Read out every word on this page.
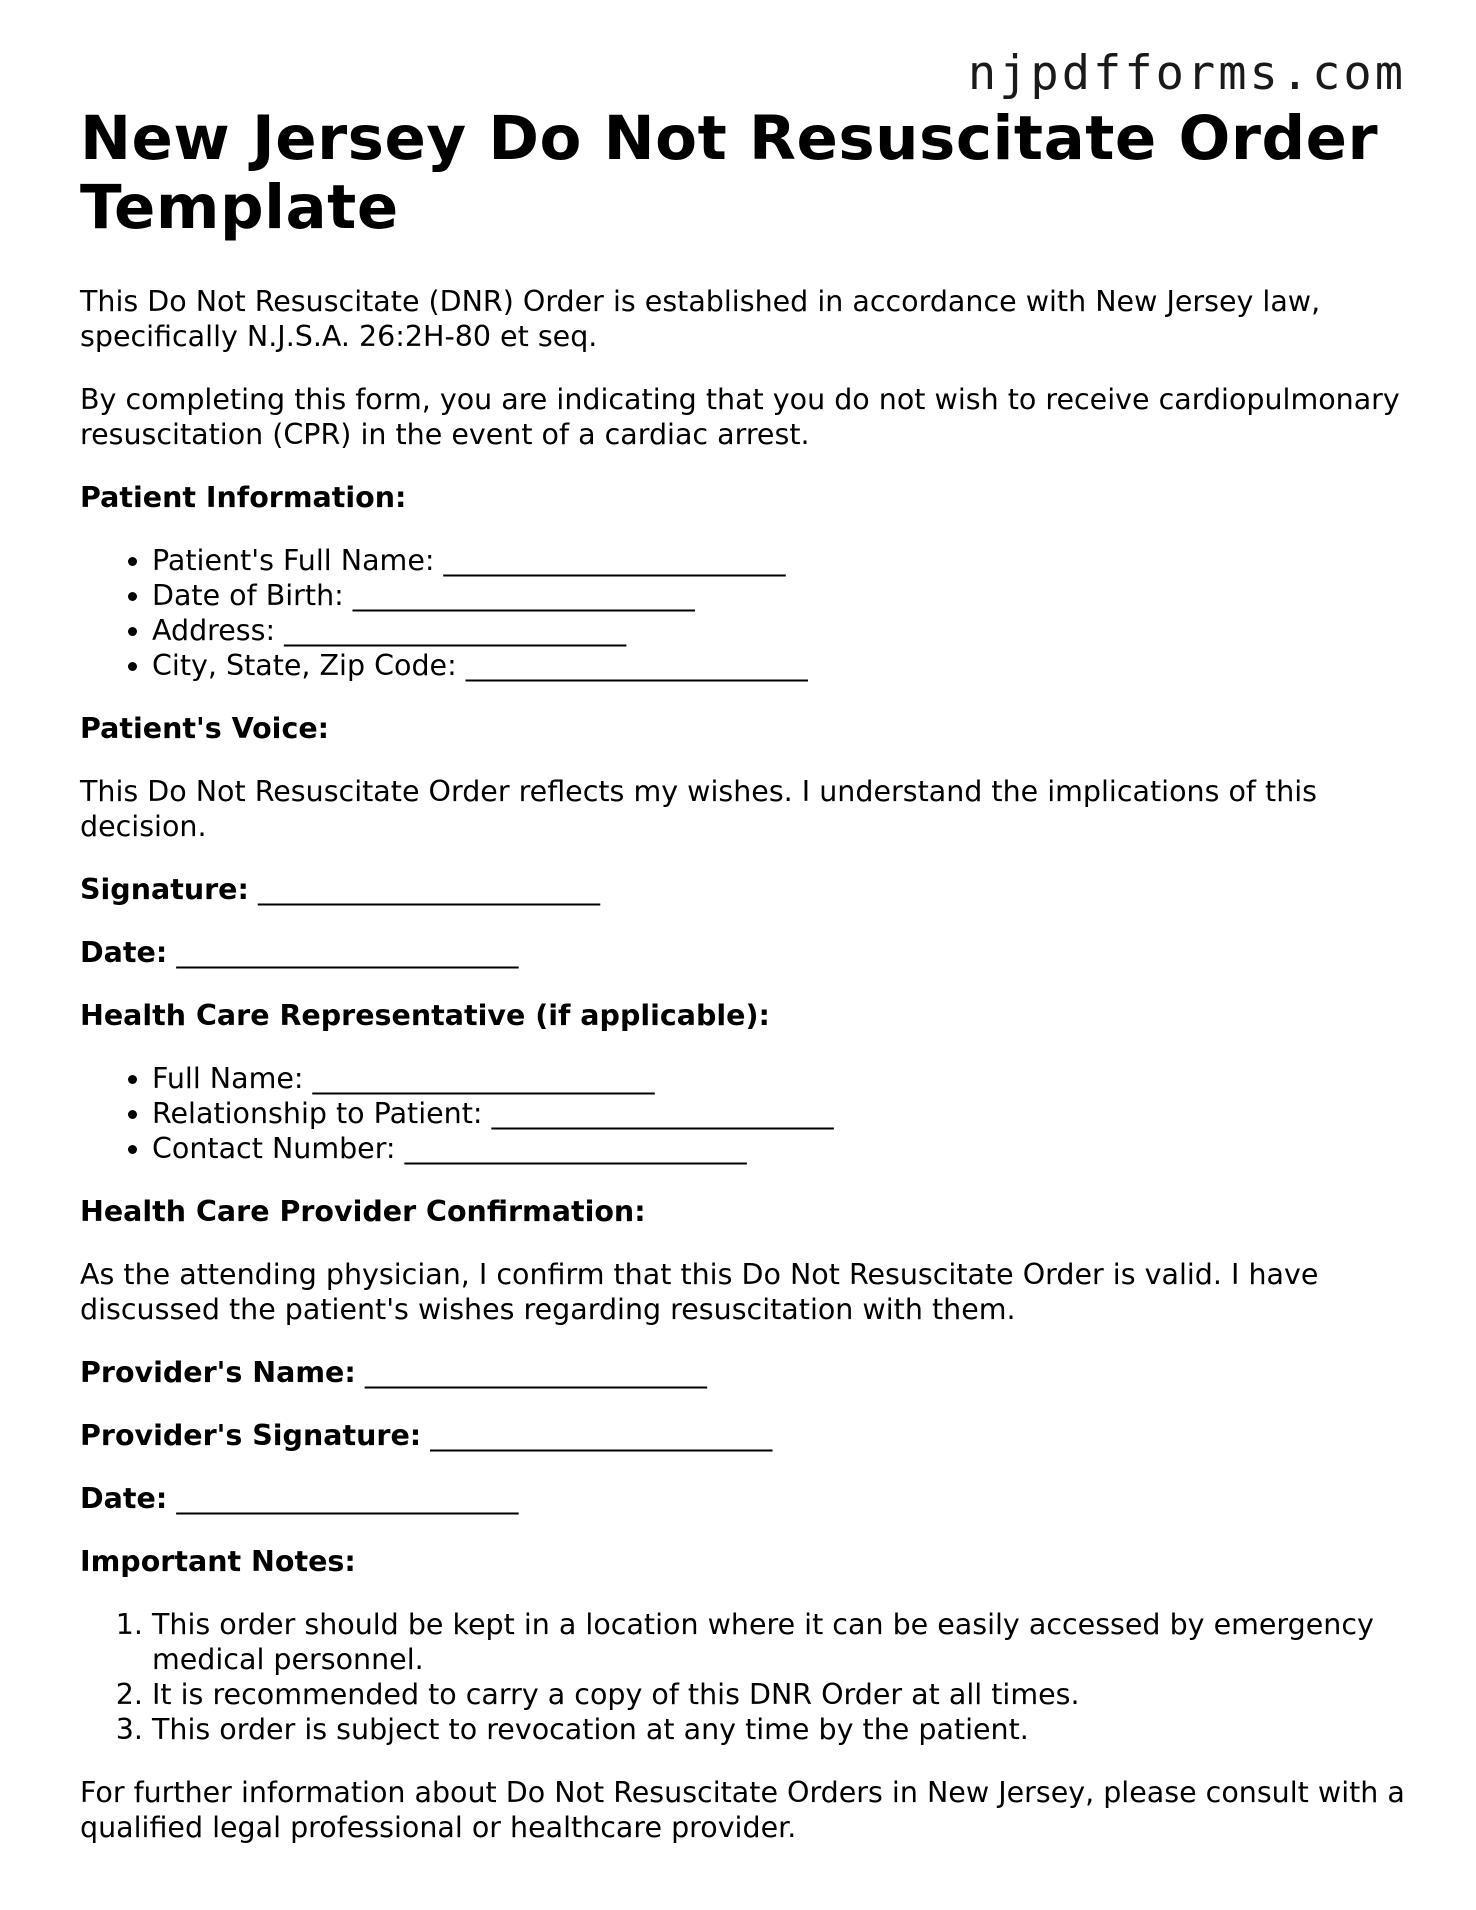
njpdfforms.com
New Jersey Do Not Resuscitate Order Template

This Do Not Resuscitate (DNR) Order is established in accordance with New Jersey law, specifically N.J.S.A. 26:2H-80 et seq.

By completing this form, you are indicating that you do not wish to receive cardiopulmonary resuscitation (CPR) in the event of a cardiac arrest.

Patient Information:
• Patient's Full Name: ________________________
• Date of Birth: ________________________
• Address: ________________________
• City, State, Zip Code: ________________________
Patient's Voice:

This Do Not Resuscitate Order reflects my wishes. I understand the implications of this decision.

Signature: ________________________

Date: ________________________

Health Care Representative (if applicable):
• Full Name: ________________________
• Relationship to Patient: ________________________
• Contact Number: ________________________
Health Care Provider Confirmation:

As the attending physician, I confirm that this Do Not Resuscitate Order is valid. I have discussed the patient's wishes regarding resuscitation with them.

Provider's Name: ________________________

Provider's Signature: ________________________

Date: ________________________

Important Notes:
1. This order should be kept in a location where it can be easily accessed by emergency medical personnel.
2. It is recommended to carry a copy of this DNR Order at all times.
3. This order is subject to revocation at any time by the patient.

For further information about Do Not Resuscitate Orders in New Jersey, please consult with a qualified legal professional or healthcare provider.
